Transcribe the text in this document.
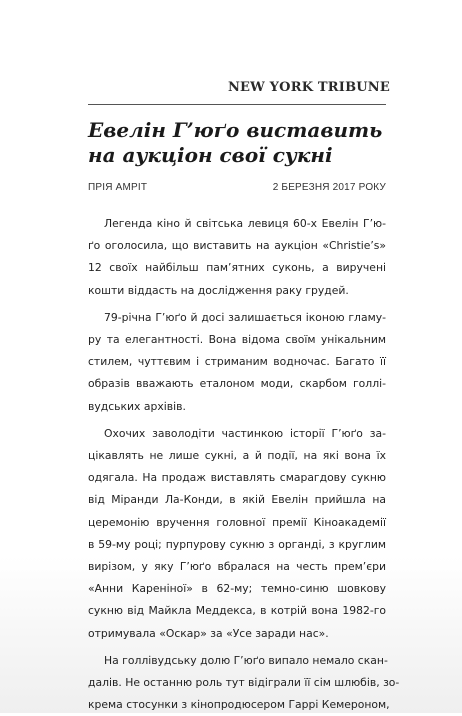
NEW YORK TRIBUNE
Евелін Г’юґо виставить
на аукціон свої сукні
ПРІЯ АМРІТ	2 БЕРЕЗНЯ 2017 РОКУ
Легенда кіно й світська левиця 60-х Евелін Г’ю-
ґо оголосила, що виставить на аукціон «Christie’s»
12 своїх найбільш пам’ятних суконь, а виручені
кошти віддасть на дослідження раку грудей.
79-річна Г’юґо й досі залишається іконою гламу-
ру та елегантності. Вона відома своїм унікальним
стилем, чуттєвим і стриманим водночас. Багато її
образів вважають еталоном моди, скарбом голлі-
вудських архівів.
Охочих заволодіти частинкою історії Г’юґо за-
цікавлять не лише сукні, а й події, на які вона їх
одягала. На продаж виставлять смарагдову сукню
від Міранди Ла-Конди, в якій Евелін прийшла на
церемонію вручення головної премії Кіноакадемії
в 59-му році; пурпурову сукню з органді, з круглим
вирізом, у яку Г’юґо вбралася на честь прем’єри
«Анни Кареніної» в 62-му; темно-синю шовкову
сукню від Майкла Меддекса, в котрій вона 1982-го
отримувала «Оскар» за «Усе заради нас».
На голлівудську долю Г’юґо випало немало скан-
далів. Не останню роль тут відіграли її сім шлюбів, зо-
крема стосунки з кінопродюсером Гаррі Кемероном,
